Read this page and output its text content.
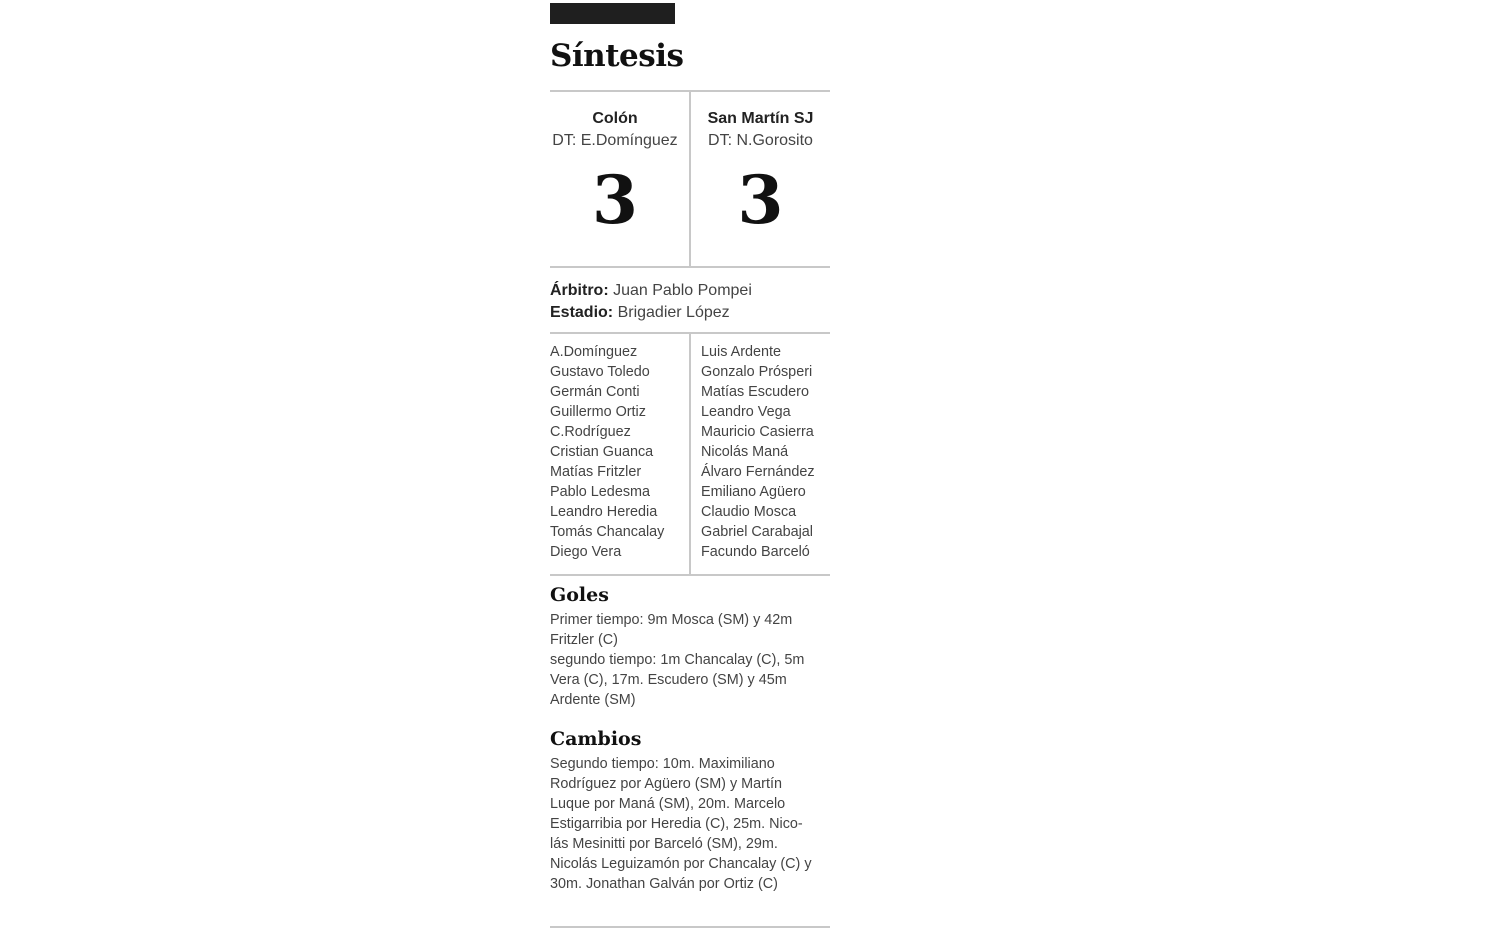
Síntesis
Colón
DT: E.Domínguez
3
San Martín SJ
DT: N.Gorosito
3
Árbitro: Juan Pablo Pompei
Estadio: Brigadier López
A.Domínguez
Gustavo Toledo
Germán Conti
Guillermo Ortiz
C.Rodríguez
Cristian Guanca
Matías Fritzler
Pablo Ledesma
Leandro Heredia
Tomás Chancalay
Diego Vera
Luis Ardente
Gonzalo Prósperi
Matías Escudero
Leandro Vega
Mauricio Casierra
Nicolás Maná
Álvaro Fernández
Emiliano Agüero
Claudio Mosca
Gabriel Carabajal
Facundo Barceló
Goles
Primer tiempo: 9m Mosca (SM) y 42m
Fritzler (C)
segundo tiempo: 1m Chancalay (C), 5m
Vera (C), 17m. Escudero (SM) y 45m
Ardente (SM)
Cambios
Segundo tiempo: 10m. Maximiliano
Rodríguez por Agüero (SM) y Martín
Luque por Maná (SM), 20m. Marcelo
Estigarribia por Heredia (C), 25m. Nico-
lás Mesinitti por Barceló (SM), 29m.
Nicolás Leguizamón por Chancalay (C) y
30m. Jonathan Galván por Ortiz (C)
